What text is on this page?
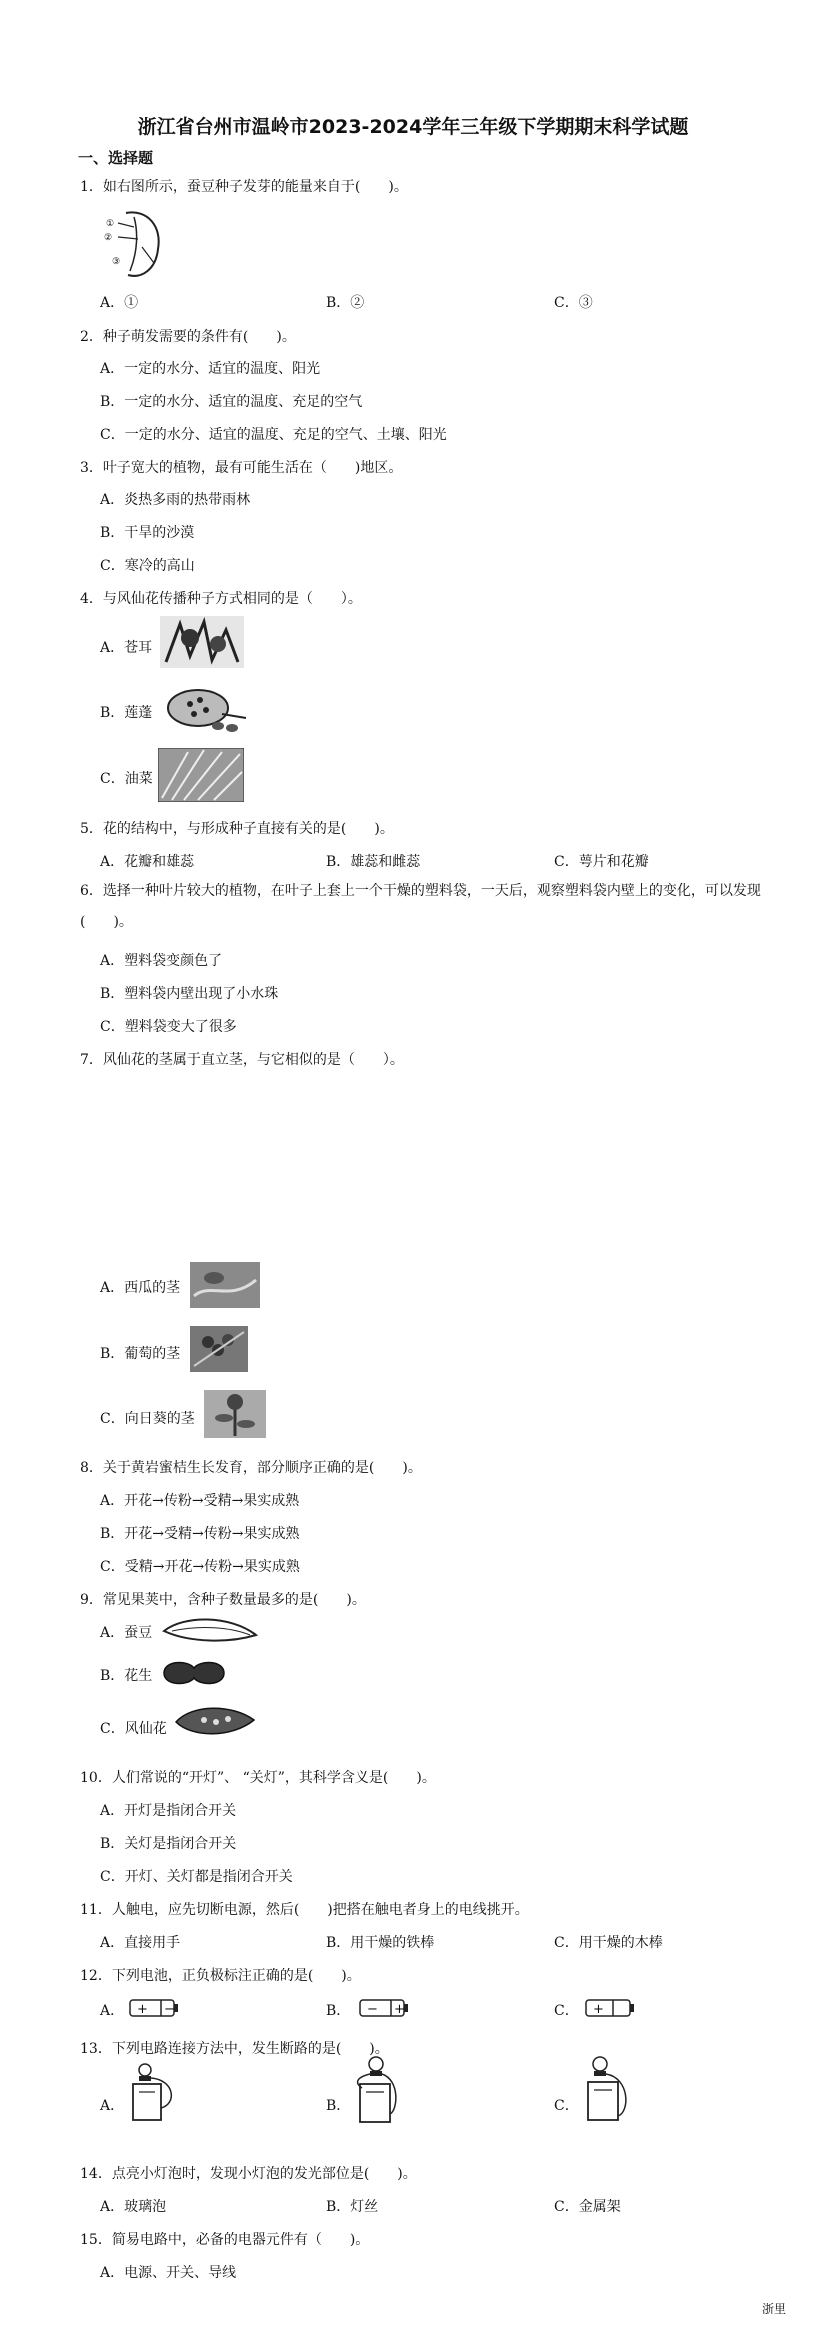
浙江省台州市温岭市2023-2024学年三年级下学期期末科学试题
一、选择题
1．如右图所示，蚕豆种子发芽的能量来自于(　　)。
①
②
③
A．①	B．②	C．③
2．种子萌发需要的条件有(　　)。
A．一定的水分、适宜的温度、阳光
B．一定的水分、适宜的温度、充足的空气
C．一定的水分、适宜的温度、充足的空气、土壤、阳光
3．叶子宽大的植物，最有可能生活在（　　)地区。
A．炎热多雨的热带雨林
B．干旱的沙漠
C．寒冷的高山
4．与风仙花传播种子方式相同的是（　　）。
A．苍耳
B．莲蓬
C．油菜
5．花的结构中，与形成种子直接有关的是(　　)。
A．花瓣和雄蕊	B．雄蕊和雌蕊	C．萼片和花瓣
6．选择一种叶片较大的植物，在叶子上套上一个干燥的塑料袋，一天后，观察塑料袋内壁上的变化，可以发现(　　)。
A．塑料袋变颜色了
B．塑料袋内壁出现了小水珠
C．塑料袋变大了很多
7．风仙花的茎属于直立茎，与它相似的是（　　）。
A．西瓜的茎
B．葡萄的茎
C．向日葵的茎
8．关于黄岩蜜桔生长发育，部分顺序正确的是(　　)。
A．开花→传粉→受精→果实成熟
B．开花→受精→传粉→果实成熟
C．受精→开花→传粉→果实成熟
9．常见果荚中，含种子数量最多的是(　　)。
A．蚕豆
B．花生
C．风仙花
10．人们常说的“开灯”、 “关灯”，其科学含义是(　　)。
A．开灯是指闭合开关
B．关灯是指闭合开关
C．开灯、关灯都是指闭合开关
11．人触电，应先切断电源，然后(　　)把搭在触电者身上的电线挑开。
A．直接用手	B．用干燥的铁棒	C．用干燥的木棒
12．下列电池，正负极标注正确的是(　　)。
A． + −	B． − +	C． +
13．下列电路连接方法中，发生断路的是(　　)。
A．	B．	C．
14．点亮小灯泡时，发现小灯泡的发光部位是(　　)。
A．玻璃泡	B．灯丝	C．金属架
15．简易电路中，必备的电器元件有（　　)。
A．电源、开关、导线
浙里
